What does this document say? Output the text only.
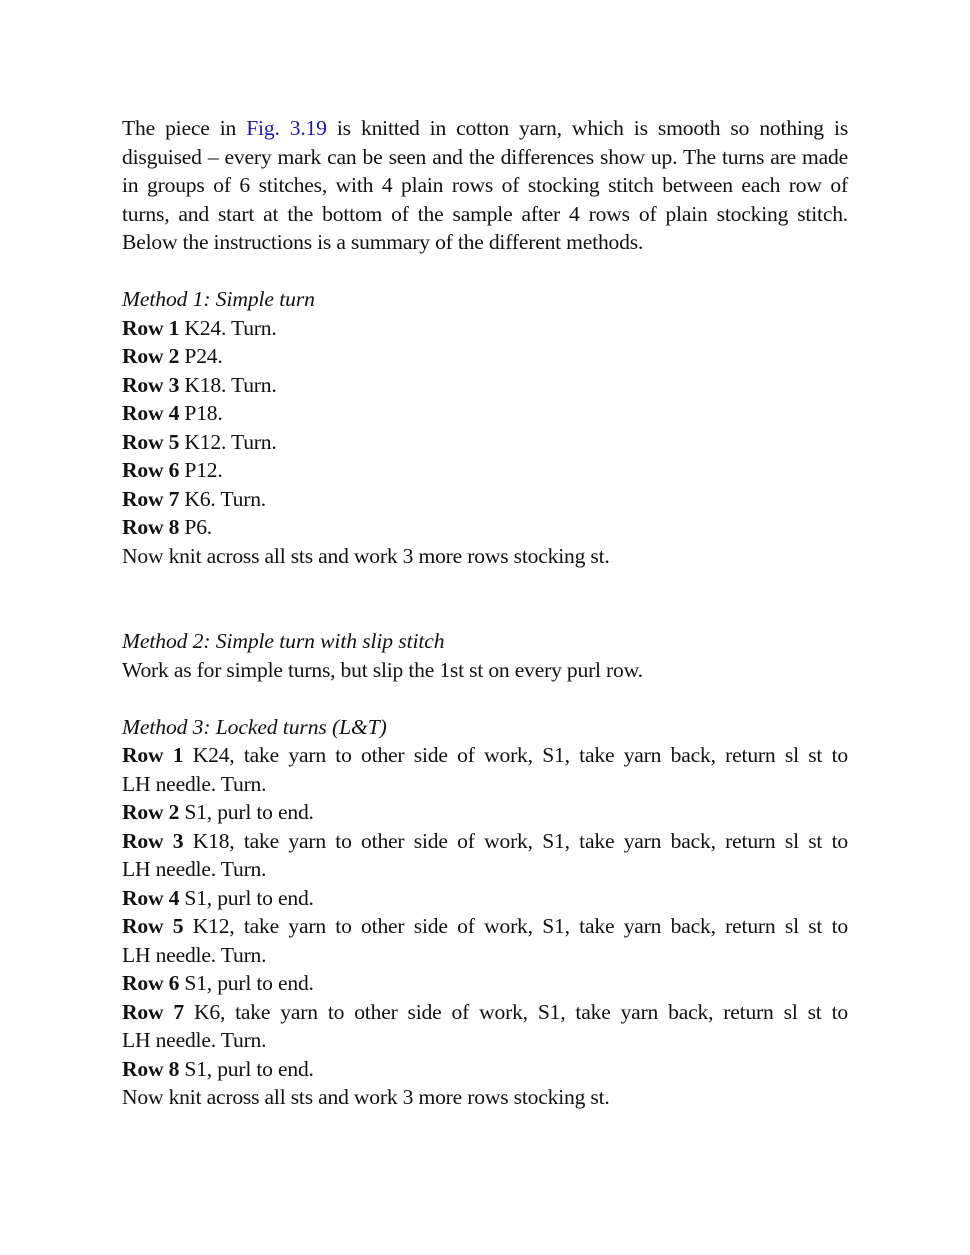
The piece in Fig. 3.19 is knitted in cotton yarn, which is smooth so nothing is disguised – every mark can be seen and the differences show up. The turns are made in groups of 6 stitches, with 4 plain rows of stocking stitch between each row of turns, and start at the bottom of the sample after 4 rows of plain stocking stitch. Below the instructions is a summary of the different methods.

Method 1: Simple turn

Row 1 K24. Turn.

Row 2 P24.

Row 3 K18. Turn.

Row 4 P18.

Row 5 K12. Turn.

Row 6 P12.

Row 7 K6. Turn.

Row 8 P6.

Now knit across all sts and work 3 more rows stocking st.

Method 2: Simple turn with slip stitch

Work as for simple turns, but slip the 1st st on every purl row.

Method 3: Locked turns (L&T)

Row 1 K24, take yarn to other side of work, S1, take yarn back, return sl st to

LH needle. Turn.

Row 2 S1, purl to end.

Row 3 K18, take yarn to other side of work, S1, take yarn back, return sl st to

LH needle. Turn.

Row 4 S1, purl to end.

Row 5 K12, take yarn to other side of work, S1, take yarn back, return sl st to

LH needle. Turn.

Row 6 S1, purl to end.

Row 7 K6, take yarn to other side of work, S1, take yarn back, return sl st to

LH needle. Turn.

Row 8 S1, purl to end.

Now knit across all sts and work 3 more rows stocking st.
